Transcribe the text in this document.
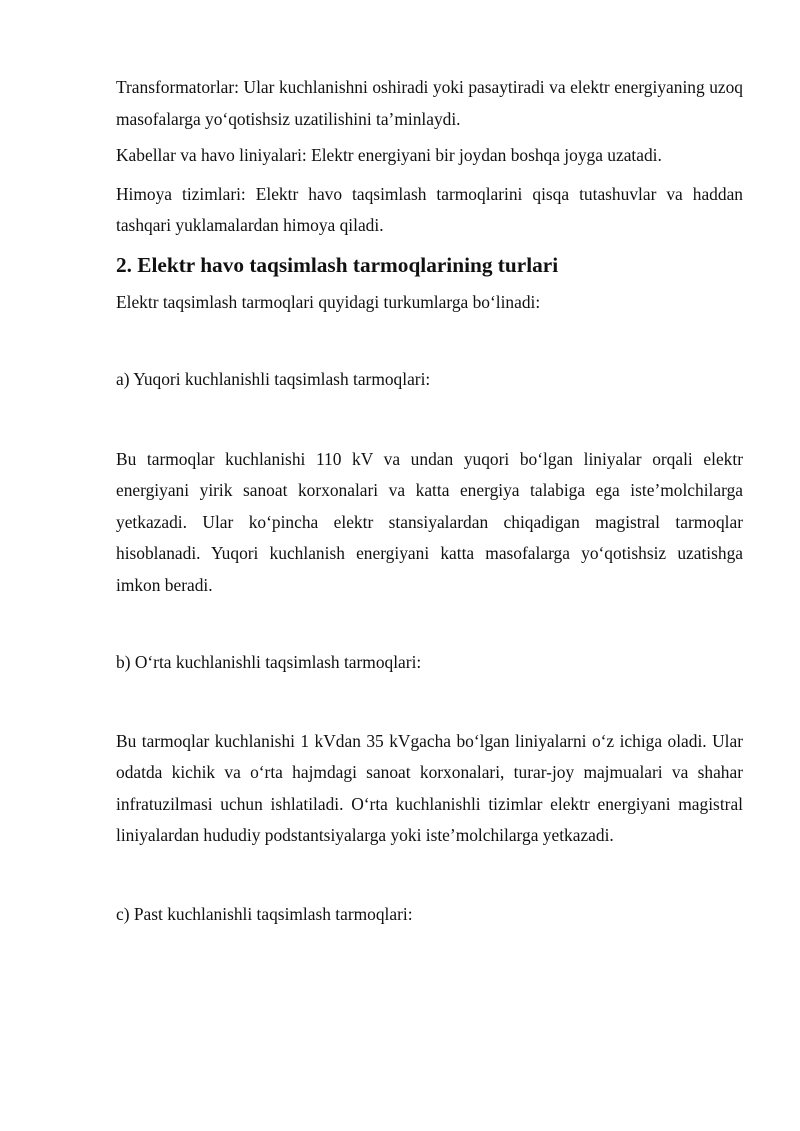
Transformatorlar: Ular kuchlanishni oshiradi yoki pasaytiradi va elektr energiyaning uzoq masofalarga yo‘qotishsiz uzatilishini ta’minlaydi.

Kabellar va havo liniyalari: Elektr energiyani bir joydan boshqa joyga uzatadi.

Himoya tizimlari: Elektr havo taqsimlash tarmoqlarini qisqa tutashuvlar va haddan tashqari yuklamalardan himoya qiladi.

2. Elektr havo taqsimlash tarmoqlarining turlari

Elektr taqsimlash tarmoqlari quyidagi turkumlarga bo‘linadi:

a) Yuqori kuchlanishli taqsimlash tarmoqlari:

Bu tarmoqlar kuchlanishi 110 kV va undan yuqori bo‘lgan liniyalar orqali elektr energiyani yirik sanoat korxonalari va katta energiya talabiga ega iste’molchilarga yetkazadi. Ular ko‘pincha elektr stansiyalardan chiqadigan magistral tarmoqlar hisoblanadi. Yuqori kuchlanish energiyani katta masofalarga yo‘qotishsiz uzatishga imkon beradi.

b) O‘rta kuchlanishli taqsimlash tarmoqlari:

Bu tarmoqlar kuchlanishi 1 kVdan 35 kVgacha bo‘lgan liniyalarni o‘z ichiga oladi. Ular odatda kichik va o‘rta hajmdagi sanoat korxonalari, turar-joy majmualari va shahar infratuzilmasi uchun ishlatiladi. O‘rta kuchlanishli tizimlar elektr energiyani magistral liniyalardan hududiy podstantsiyalarga yoki iste’molchilarga yetkazadi.

c) Past kuchlanishli taqsimlash tarmoqlari:
